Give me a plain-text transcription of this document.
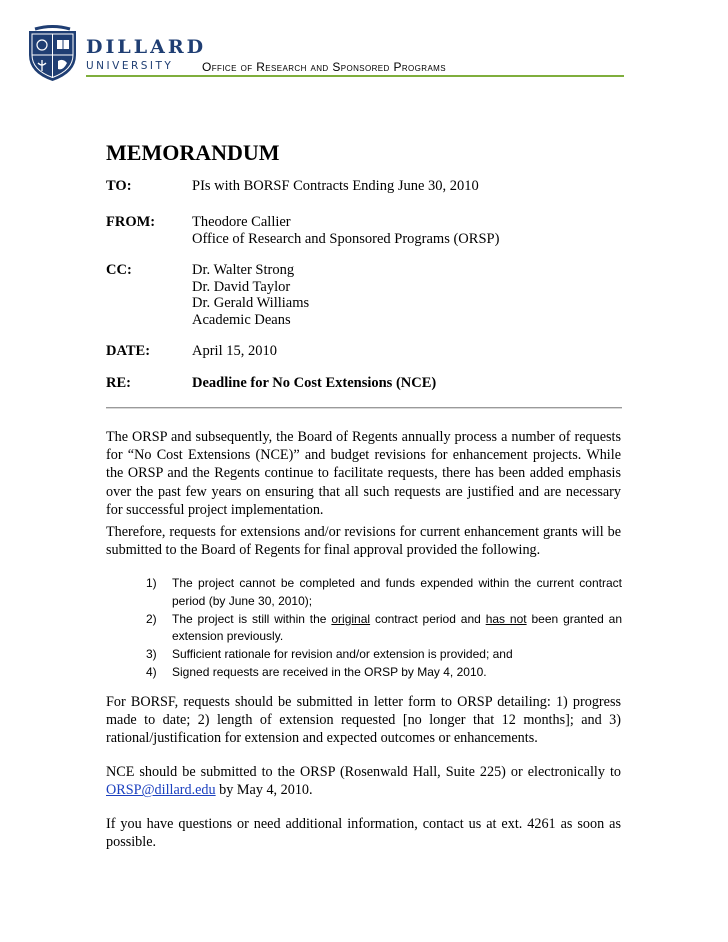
DILLARD
UNIVERSITY Office of Research and Sponsored Programs
MEMORANDUM
TO:	PIs with BORSF Contracts Ending June 30, 2010
FROM:	Theodore Callier
Office of Research and Sponsored Programs (ORSP)
CC:	Dr. Walter Strong
Dr. David Taylor
Dr. Gerald Williams
Academic Deans
DATE:	April 15, 2010
RE:	Deadline for No Cost Extensions (NCE)
The ORSP and subsequently, the Board of Regents annually process a number of requests for “No Cost Extensions (NCE)” and budget revisions for enhancement projects. While the ORSP and the Regents continue to facilitate requests, there has been added emphasis over the past few years on ensuring that all such requests are justified and are necessary for successful project implementation.
Therefore, requests for extensions and/or revisions for current enhancement grants will be submitted to the Board of Regents for final approval provided the following.
1) The project cannot be completed and funds expended within the current contract period (by June 30, 2010);
2) The project is still within the original contract period and has not been granted an extension previously.
3) Sufficient rationale for revision and/or extension is provided; and
4) Signed requests are received in the ORSP by May 4, 2010.
For BORSF, requests should be submitted in letter form to ORSP detailing: 1) progress made to date; 2) length of extension requested [no longer that 12 months]; and 3) rational/justification for extension and expected outcomes or enhancements.
NCE should be submitted to the ORSP (Rosenwald Hall, Suite 225) or electronically to ORSP@dillard.edu by May 4, 2010.
If you have questions or need additional information, contact us at ext. 4261 as soon as possible.
